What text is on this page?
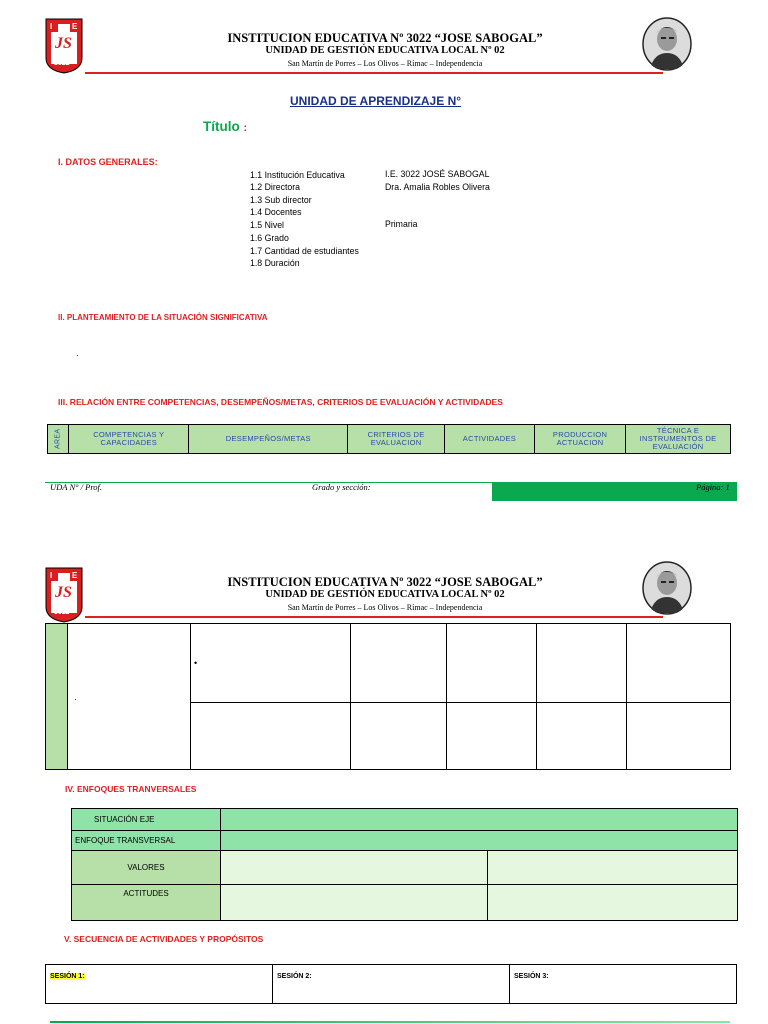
I E
JS
3022
INSTITUCION EDUCATIVA Nº 3022 “JOSE SABOGAL”
UNIDAD DE GESTIÓN EDUCATIVA LOCAL Nº 02
San Martín de Porres – Los Olivos – Rímac – Independencia
UNIDAD DE APRENDIZAJE N°
Título :
I. DATOS GENERALES:
1.1 Institución Educativa	I.E. 3022 JOSÉ SABOGAL
1.2 Directora	Dra. Amalia Robles Olivera
1.3 Sub director
1.4 Docentes
1.5 Nivel	Primaria
1.6 Grado
1.7 Cantidad de estudiantes
1.8 Duración
II. PLANTEAMIENTO DE LA SITUACIÓN SIGNIFICATIVA
.
III. RELACIÓN ENTRE COMPETENCIAS, DESEMPEÑOS/METAS, CRITERIOS DE EVALUACIÓN Y ACTIVIDADES
AREA	COMPETENCIAS Y CAPACIDADES	DESEMPEÑOS/METAS	CRITERIOS DE EVALUACION	ACTIVIDADES	PRODUCCION ACTUACION	TÉCNICA E INSTRUMENTOS DE EVALUACIÓN
UDA N° / Prof.	Grado y sección:	Página: 1
I E
JS
3022
INSTITUCION EDUCATIVA Nº 3022 “JOSE SABOGAL”
UNIDAD DE GESTIÓN EDUCATIVA LOCAL Nº 02
San Martín de Porres – Los Olivos – Rímac – Independencia
	.	•				

IV. ENFOQUES TRANVERSALES
SITUACIÓN EJE		
ENFOQUE TRANSVERSAL		
VALORES		
ACTITUDES		
V. SECUENCIA DE ACTIVIDADES Y PROPÓSITOS
SESIÓN 1:	SESIÓN 2:	SESIÓN 3:
